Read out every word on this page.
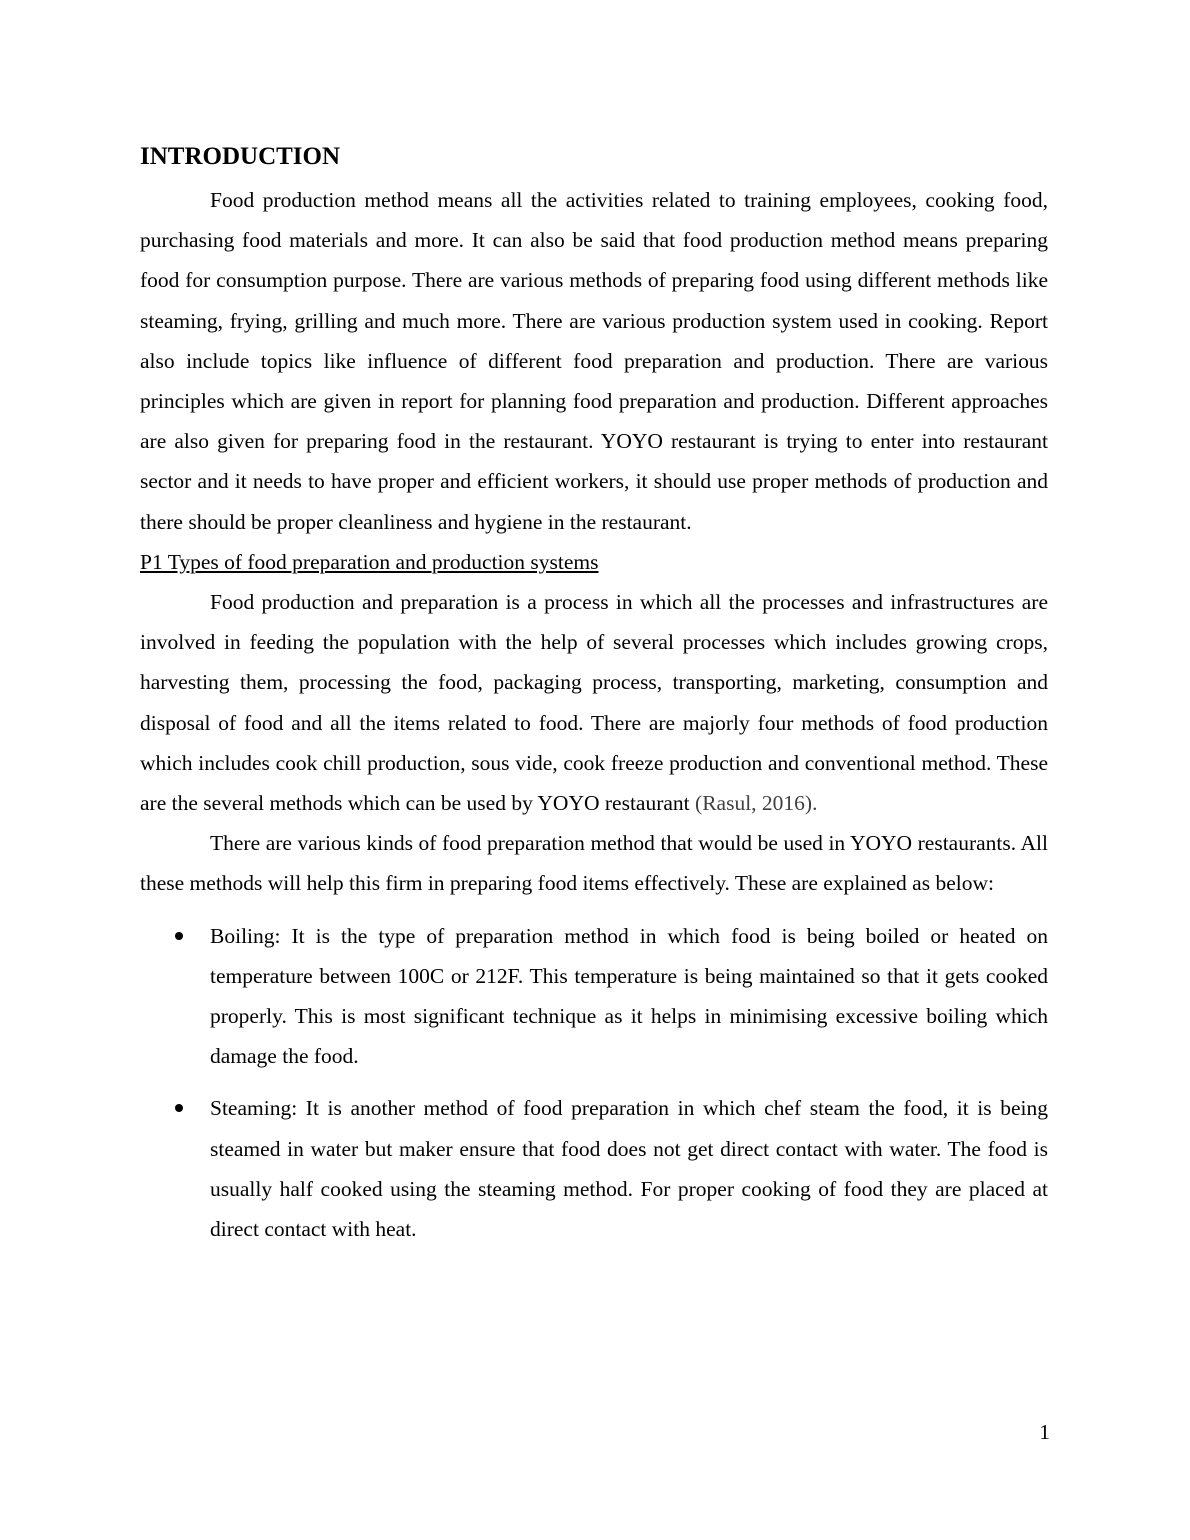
INTRODUCTION

Food production method means all the activities related to training employees, cooking food, purchasing food materials and more. It can also be said that food production method means preparing food for consumption purpose. There are various methods of preparing food using different methods like steaming, frying, grilling and much more. There are various production system used in cooking. Report also include topics like influence of different food preparation and production. There are various principles which are given in report for planning food preparation and production. Different approaches are also given for preparing food in the restaurant. YOYO restaurant is trying to enter into restaurant sector and it needs to have proper and efficient workers, it should use proper methods of production and there should be proper cleanliness and hygiene in the restaurant.

P1 Types of food preparation and production systems

Food production and preparation is a process in which all the processes and infrastructures are involved in feeding the population with the help of several processes which includes growing crops, harvesting them, processing the food, packaging process, transporting, marketing, consumption and disposal of food and all the items related to food. There are majorly four methods of food production which includes cook chill production, sous vide, cook freeze production and conventional method. These are the several methods which can be used by YOYO restaurant (Rasul, 2016).

There are various kinds of food preparation method that would be used in YOYO restaurants. All these methods will help this firm in preparing food items effectively. These are explained as below:

Boiling: It is the type of preparation method in which food is being boiled or heated on temperature between 100C or 212F. This temperature is being maintained so that it gets cooked properly. This is most significant technique as it helps in minimising excessive boiling which damage the food.
Steaming: It is another method of food preparation in which chef steam the food, it is being steamed in water but maker ensure that food does not get direct contact with water. The food is usually half cooked using the steaming method. For proper cooking of food they are placed at direct contact with heat.
1
